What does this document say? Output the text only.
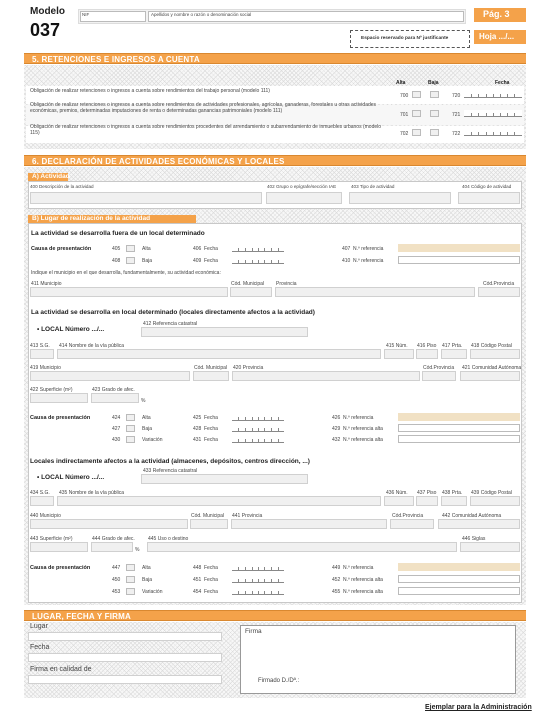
Modelo
037
NIF	Apellidos y nombre o razón o denominación social	Pág. 3
Espacio reservado para Nº justificante	Hoja .../...
5. RETENCIONES E INGRESOS A CUENTA
Alta	Baja	Fecha
Obligación de realizar retenciones o ingresos a cuenta sobre rendimientos del trabajo personal (modelo 111)
700	720
Obligación de realizar retenciones o ingresos a cuenta sobre rendimientos de actividades profesionales, agrícolas, ganaderas, forestales u otras actividades económicas, premios, determinadas imputaciones de renta o determinadas ganancias patrimoniales (modelo 111)
701	721
Obligación de realizar retenciones o ingresos a cuenta sobre rendimientos procedentes del arrendamiento o subarrendamiento de inmuebles urbanos (modelo 115)	702	722
6. DECLARACIÓN DE ACTIVIDADES ECONÓMICAS Y LOCALES
A) Actividad
400 Descripción de la actividad	402 Grupo o epígrafe/sección IAE	403 Tipo de actividad	404 Código de actividad
B) Lugar de realización de la actividad
La actividad se desarrolla fuera de un local determinado
Causa de presentación	405	Alta	406 Fecha	407 N.º referencia
408	Baja	409 Fecha	410 N.º referencia
Indique el municipio en el que desarrolla, fundamentalmente, su actividad económica:
411 Municipio	Cód. Municipal Provincia	Cód.Provincia
La actividad se desarrolla en local determinado (locales directamente afectos a la actividad)
• LOCAL Número .../...
412 Referencia catastral
413 S.G. 414 Nombre de la vía pública	415 Núm. 416 Piso 417 Prta. 418 Código Postal
419 Municipio	Cód. Municipal 420 Provincia	Cód.Provincia 421 Comunidad Autónoma
422 Superficie (m²)	423 Grado de afec.
%
Causa de presentación	424	Alta	425 Fecha	426 N.º referencia
427	Baja	428 Fecha	429 N.º referencia alta
430	Variación	431 Fecha	432 N.º referencia alta
Locales indirectamente afectos a la actividad (almacenes, depósitos, centros dirección, ...)
• LOCAL Número .../...
433 Referencia catastral
434 S.G. 435 Nombre de la vía pública	436 Núm. 437 Piso 438 Prta. 439 Código Postal
440 Municipio	Cód. Municipal 441 Provincia	Cód.Provincia	442 Comunidad Autónoma
443 Superficie (m²)	444 Grado de afec.
%
445 Uso o destino	446 Siglas
Causa de presentación	447	Alta	448 Fecha	449 N.º referencia
450	Baja	451 Fecha	452 N.º referencia alta
453	Variación	454 Fecha	455 N.º referencia alta
LUGAR, FECHA Y FIRMA
Lugar
Fecha
Firma en calidad de
Firma
Firmado D./Dª.:
Ejemplar para la Administración
